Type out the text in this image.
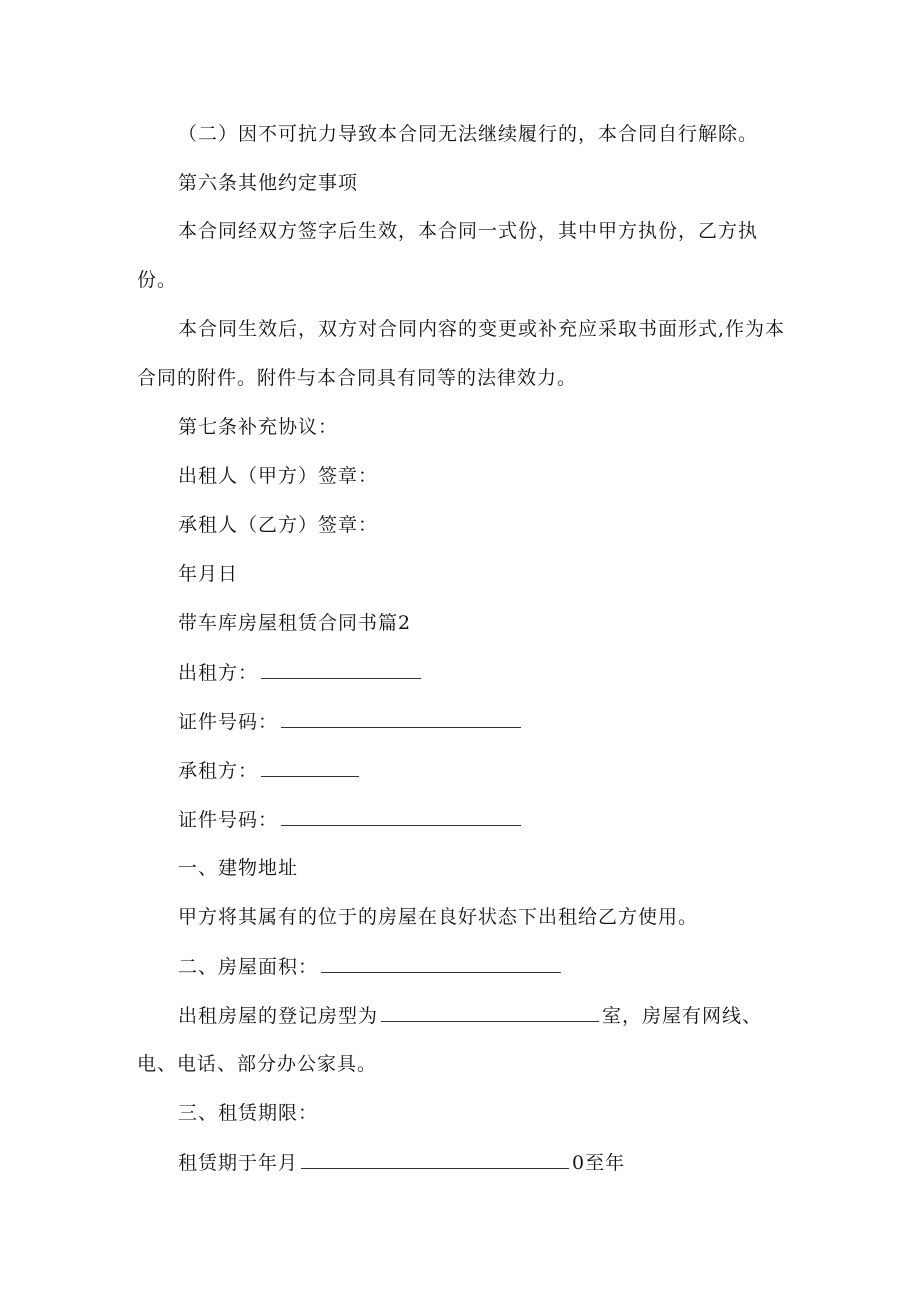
（二）因不可抗力导致本合同无法继续履行的，本合同自行解除。
第六条其他约定事项
本合同经双方签字后生效，本合同一式份，其中甲方执份，乙方执
份。
本合同生效后，双方对合同内容的变更或补充应采取书面形式,作为本
合同的附件。附件与本合同具有同等的法律效力。
第七条补充协议：
出租人（甲方）签章：
承租人（乙方）签章：
年月日
带车库房屋租赁合同书篇2
出租方：
证件号码：
承租方：
证件号码：
一、建物地址
甲方将其属有的位于的房屋在良好状态下出租给乙方使用。
二、房屋面积：
出租房屋的登记房型为	室，房屋有网线、
电、电话、部分办公家具。
三、租赁期限：
租赁期于年月	0至年
